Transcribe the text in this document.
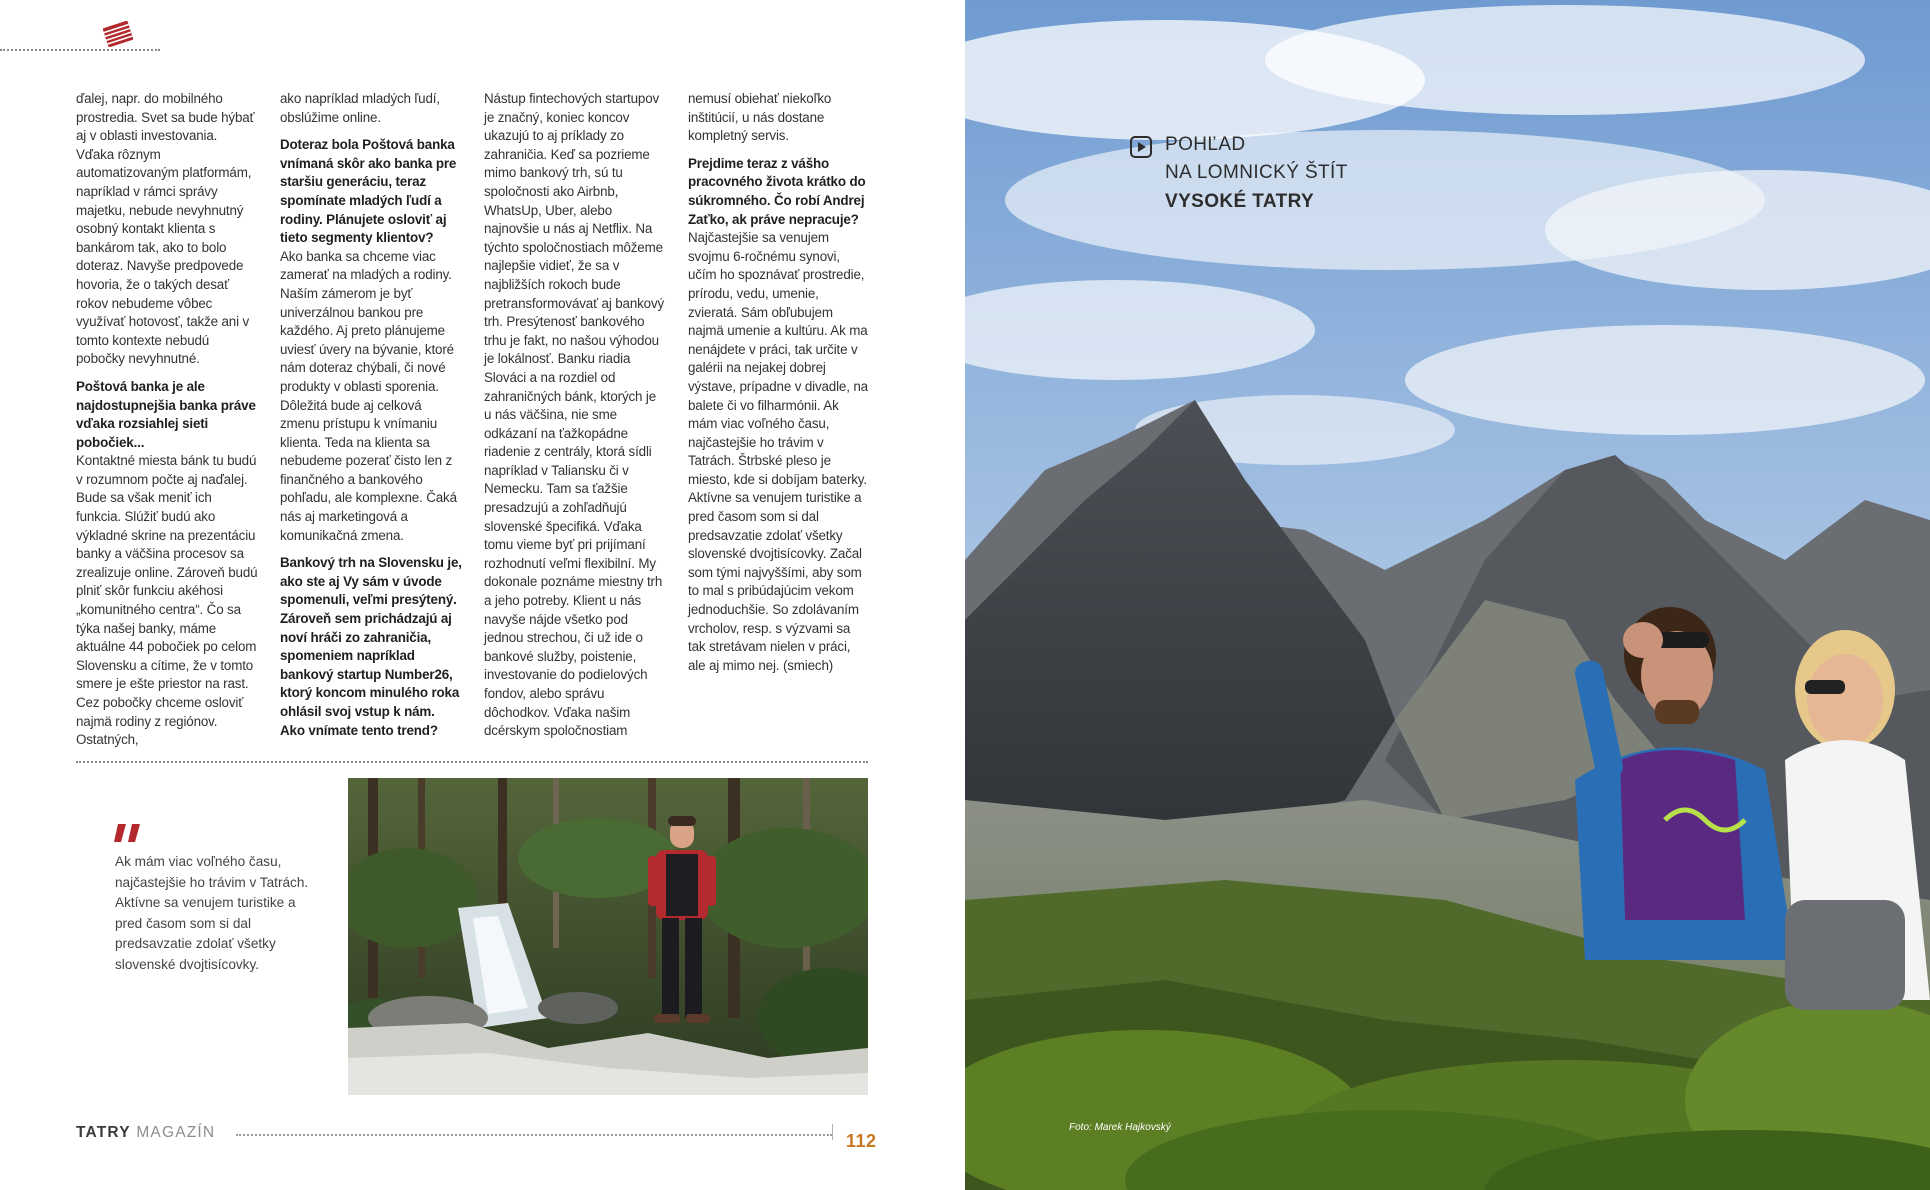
ďalej, napr. do mobilného prostredia. Svet sa bude hýbať aj v oblasti investovania. Vďaka rôznym automatizovaným platformám, napríklad v rámci správy majetku, nebude nevyhnutný osobný kontakt klienta s bankárom tak, ako to bolo doteraz. Navyše predpovede hovoria, že o takých desať rokov nebudeme vôbec využívať hotovosť, takže ani v tomto kontexte nebudú pobočky nevyhnutné.

Poštová banka je ale najdostupnejšia banka práve vďaka rozsiahlej sieti pobočiek...

Kontaktné miesta bánk tu budú v rozumnom počte aj naďalej. Bude sa však meniť ich funkcia. Slúžiť budú ako výkladné skrine na prezentáciu banky a väčšina procesov sa zrealizuje online. Zároveň budú plniť skôr funkciu akéhosi „komunitného centra“. Čo sa týka našej banky, máme aktuálne 44 pobočiek po celom Slovensku a cítime, že v tomto smere je ešte priestor na rast. Cez pobočky chceme osloviť najmä rodiny z regiónov. Ostatných,

ako napríklad mladých ľudí, obslúžime online.

Doteraz bola Poštová banka vnímaná skôr ako banka pre staršiu generáciu, teraz spomínate mladých ľudí a rodiny. Plánujete osloviť aj tieto segmenty klientov?

Ako banka sa chceme viac zamerať na mladých a rodiny. Naším zámerom je byť univerzálnou bankou pre každého. Aj preto plánujeme uviesť úvery na bývanie, ktoré nám doteraz chýbali, či nové produkty v oblasti sporenia. Dôležitá bude aj celková zmenu prístupu k vnímaniu klienta. Teda na klienta sa nebudeme pozerať čisto len z finančného a bankového pohľadu, ale komplexne. Čaká nás aj marketingová a komunikačná zmena.

Bankový trh na Slovensku je, ako ste aj Vy sám v úvode spomenuli, veľmi presýtený. Zároveň sem prichádzajú aj noví hráči zo zahraničia, spomeniem napríklad bankový startup Number26, ktorý koncom minulého roka ohlásil svoj vstup k nám. Ako vnímate tento trend?

Nástup fintechových startupov je značný, koniec koncov ukazujú to aj príklady zo zahraničia. Keď sa pozrieme mimo bankový trh, sú tu spoločnosti ako Airbnb, WhatsUp, Uber, alebo najnovšie u nás aj Netflix. Na týchto spoločnostiach môžeme najlepšie vidieť, že sa v najbližších rokoch bude pretransformovávať aj bankový trh. Presýtenosť bankového trhu je fakt, no našou výhodou je lokálnosť. Banku riadia Slováci a na rozdiel od zahraničných bánk, ktorých je u nás väčšina, nie sme odkázaní na ťažkopádne riadenie z centrály, ktorá sídli napríklad v Taliansku či v Nemecku. Tam sa ťažšie presadzujú a zohľadňujú slovenské špecifiká. Vďaka tomu vieme byť pri prijímaní rozhodnutí veľmi flexibilní. My dokonale poznáme miestny trh a jeho potreby. Klient u nás navyše nájde všetko pod jednou strechou, či už ide o bankové služby, poistenie, investovanie do podielových fondov, alebo správu dôchodkov. Vďaka našim dcérskym spoločnostiam

nemusí obiehať niekoľko inštitúcií, u nás dostane kompletný servis.

Prejdime teraz z vášho pracovného života krátko do súkromného. Čo robí Andrej Zaťko, ak práve nepracuje?

Najčastejšie sa venujem svojmu 6-ročnému synovi, učím ho spoznávať prostredie, prírodu, vedu, umenie, zvieratá. Sám obľubujem najmä umenie a kultúru. Ak ma nenájdete v práci, tak určite v galérii na nejakej dobrej výstave, prípadne v divadle, na balete či vo filharmónii. Ak mám viac voľného času, najčastejšie ho trávim v Tatrách. Štrbské pleso je miesto, kde si dobíjam baterky. Aktívne sa venujem turistike a pred časom som si dal predsavzatie zdolať všetky slovenské dvojtisícovky. Začal som tými najvyššími, aby som to mal s pribúdajúcim vekom jednoduchšie. So zdolávaním vrcholov, resp. s výzvami sa tak stretávam nielen v práci, ale aj mimo nej. (smiech)

Ak mám viac voľného času, najčastejšie ho trávim v Tatrách. Aktívne sa venujem turistike a pred časom som si dal predsavzatie zdolať všetky slovenské dvojtisícovky.

TATRY MAGAZÍN	112
POHĽAD
NA LOMNICKÝ ŠTÍT
VYSOKÉ TATRY
Foto: Marek Hajkovský
